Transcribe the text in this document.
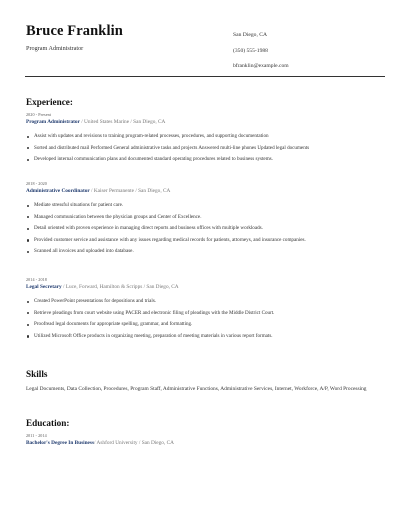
Bruce Franklin
Program Administrator
San Diego, CA
(350) 555-1988
bfranklin@example.com
Experience:
2020 - Present
Program Administrator / United States Marine / San Diego, CA
Assist with updates and revisions to training program-related processes, procedures, and supporting documentation
Sorted and distributed mail Performed General administrative tasks and projects Answered multi-line phones Updated legal documents
Developed internal communication plans and documented standard operating procedures related to business systems.
2018 - 2020
Administrative Coordinator / Kaiser Permanente / San Diego, CA
Mediate stressful situations for patient care.
Managed communication between the physician groups and Center of Excellence.
Detail oriented with proven experience in managing direct reports and business offices with multiple workloads.
Provided customer service and assistance with any issues regarding medical records for patients, attorneys, and insurance companies.
Scanned all invoices and uploaded into database.
2014 - 2018
Legal Secretary / Luce, Forward, Hamilton & Scripps / San Diego, CA
Created PowerPoint presentations for depositions and trials.
Retrieve pleadings from court website using PACER and electronic filing of pleadings with the Middle District Court.
Proofread legal documents for appropriate spelling, grammar, and formatting.
Utilized Microsoft Office products in organizing meeting, preparation of meeting materials in various report formats.
Skills
Legal Documents, Data Collection, Procedures, Program Staff, Administrative Functions, Administrative Services, Internet, Workforce, A/P, Word Processing
Education:
2011 - 2014
Bachelor's Degree In Business/ Ashford University / San Diego, CA
